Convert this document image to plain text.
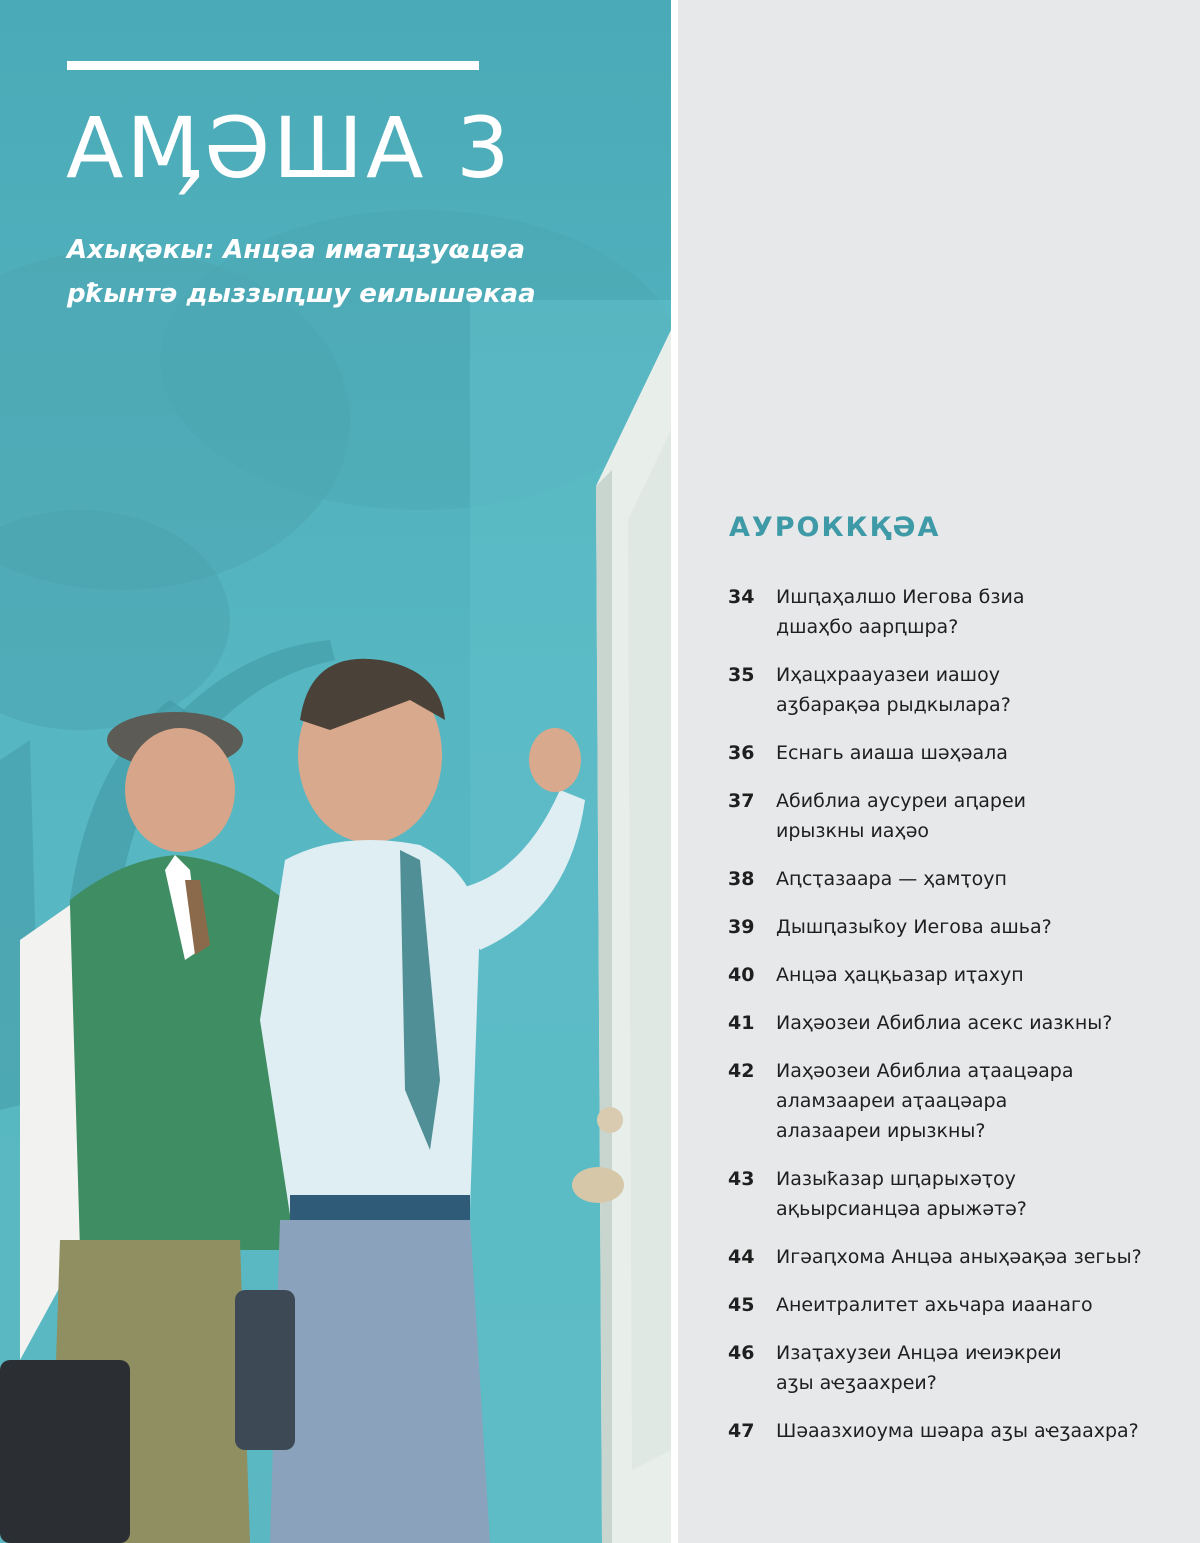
АӍӘША 3

Ахықәкы: Анцәа иматцзуҩцәа рҟынтә дыззыԥшу еилышәкаа

АУРОККҚӘА
34	Ишԥаҳалшо Иегова бзиа
дшаҳбо аарԥшра?
35	Иҳацхраауазеи иашоу
аӡбарақәа рыдкылара?
36	Еснагь аиаша шәҳәала
37	Абиблиа аусуреи аԥареи
ирызкны иаҳәо
38	Аԥсҭазаара — ҳамҭоуп
39	Дышԥазыҟоу Иегова ашьа?
40	Анцәа ҳацқьазар иҭахуп
41	Иаҳәозеи Абиблиа асекс иазкны?
42	Иаҳәозеи Абиблиа аҭаацәара
аламзаареи аҭаацәара
алазаареи ирызкны?
43	Иазыҟазар шԥарыхәҭоу
ақьырсианцәа арыжәтә?
44	Игәаԥхома Анцәа аныҳәақәа зегьы?
45	Анеитралитет ахьчара иаанаго
46	Изаҭахузеи Анцәа иҽиэкреи
аӡы аҽӡаахреи?
47	Шәаазхиоума шәара аӡы аҽӡаахра?
